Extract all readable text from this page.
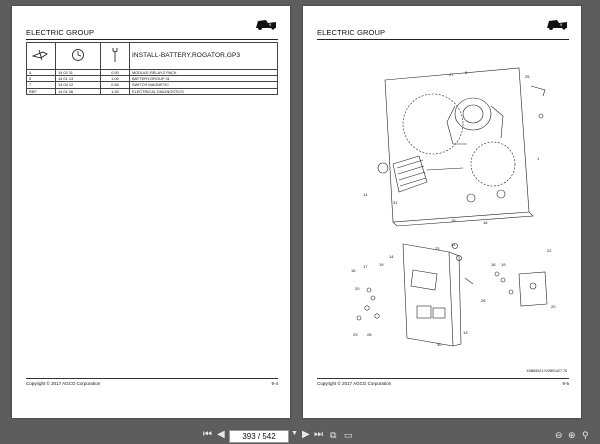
9
ELECTRIC GROUP
			INSTALL-BATTERY,ROGATOR,GP3
4	14 02 11	0.50	MODULE-RELAY,2 PACK
5	14 01 13	1.00	BATTERY,GROUP 31
7	14 04 12	0.50	SWITCH MAGNETIC
REF	14 01 06	1.50	ELECTRICAL DIAGNOSTICS
Copyright © 2017 AGCO Corporation	9-4
9
ELECTRIC GROUP
27	8
25
1
14
31
15	16
21
23	22
14
18
17	19	18 19
26
20
20
13
29 28
30
X0B89021+V0B91427.76
Copyright © 2017 AGCO Corporation	9-5
⏮ ◀	▶ ⏭ ⧉ ▭	⊖ ⊕ ⚲
393 / 542	▼
